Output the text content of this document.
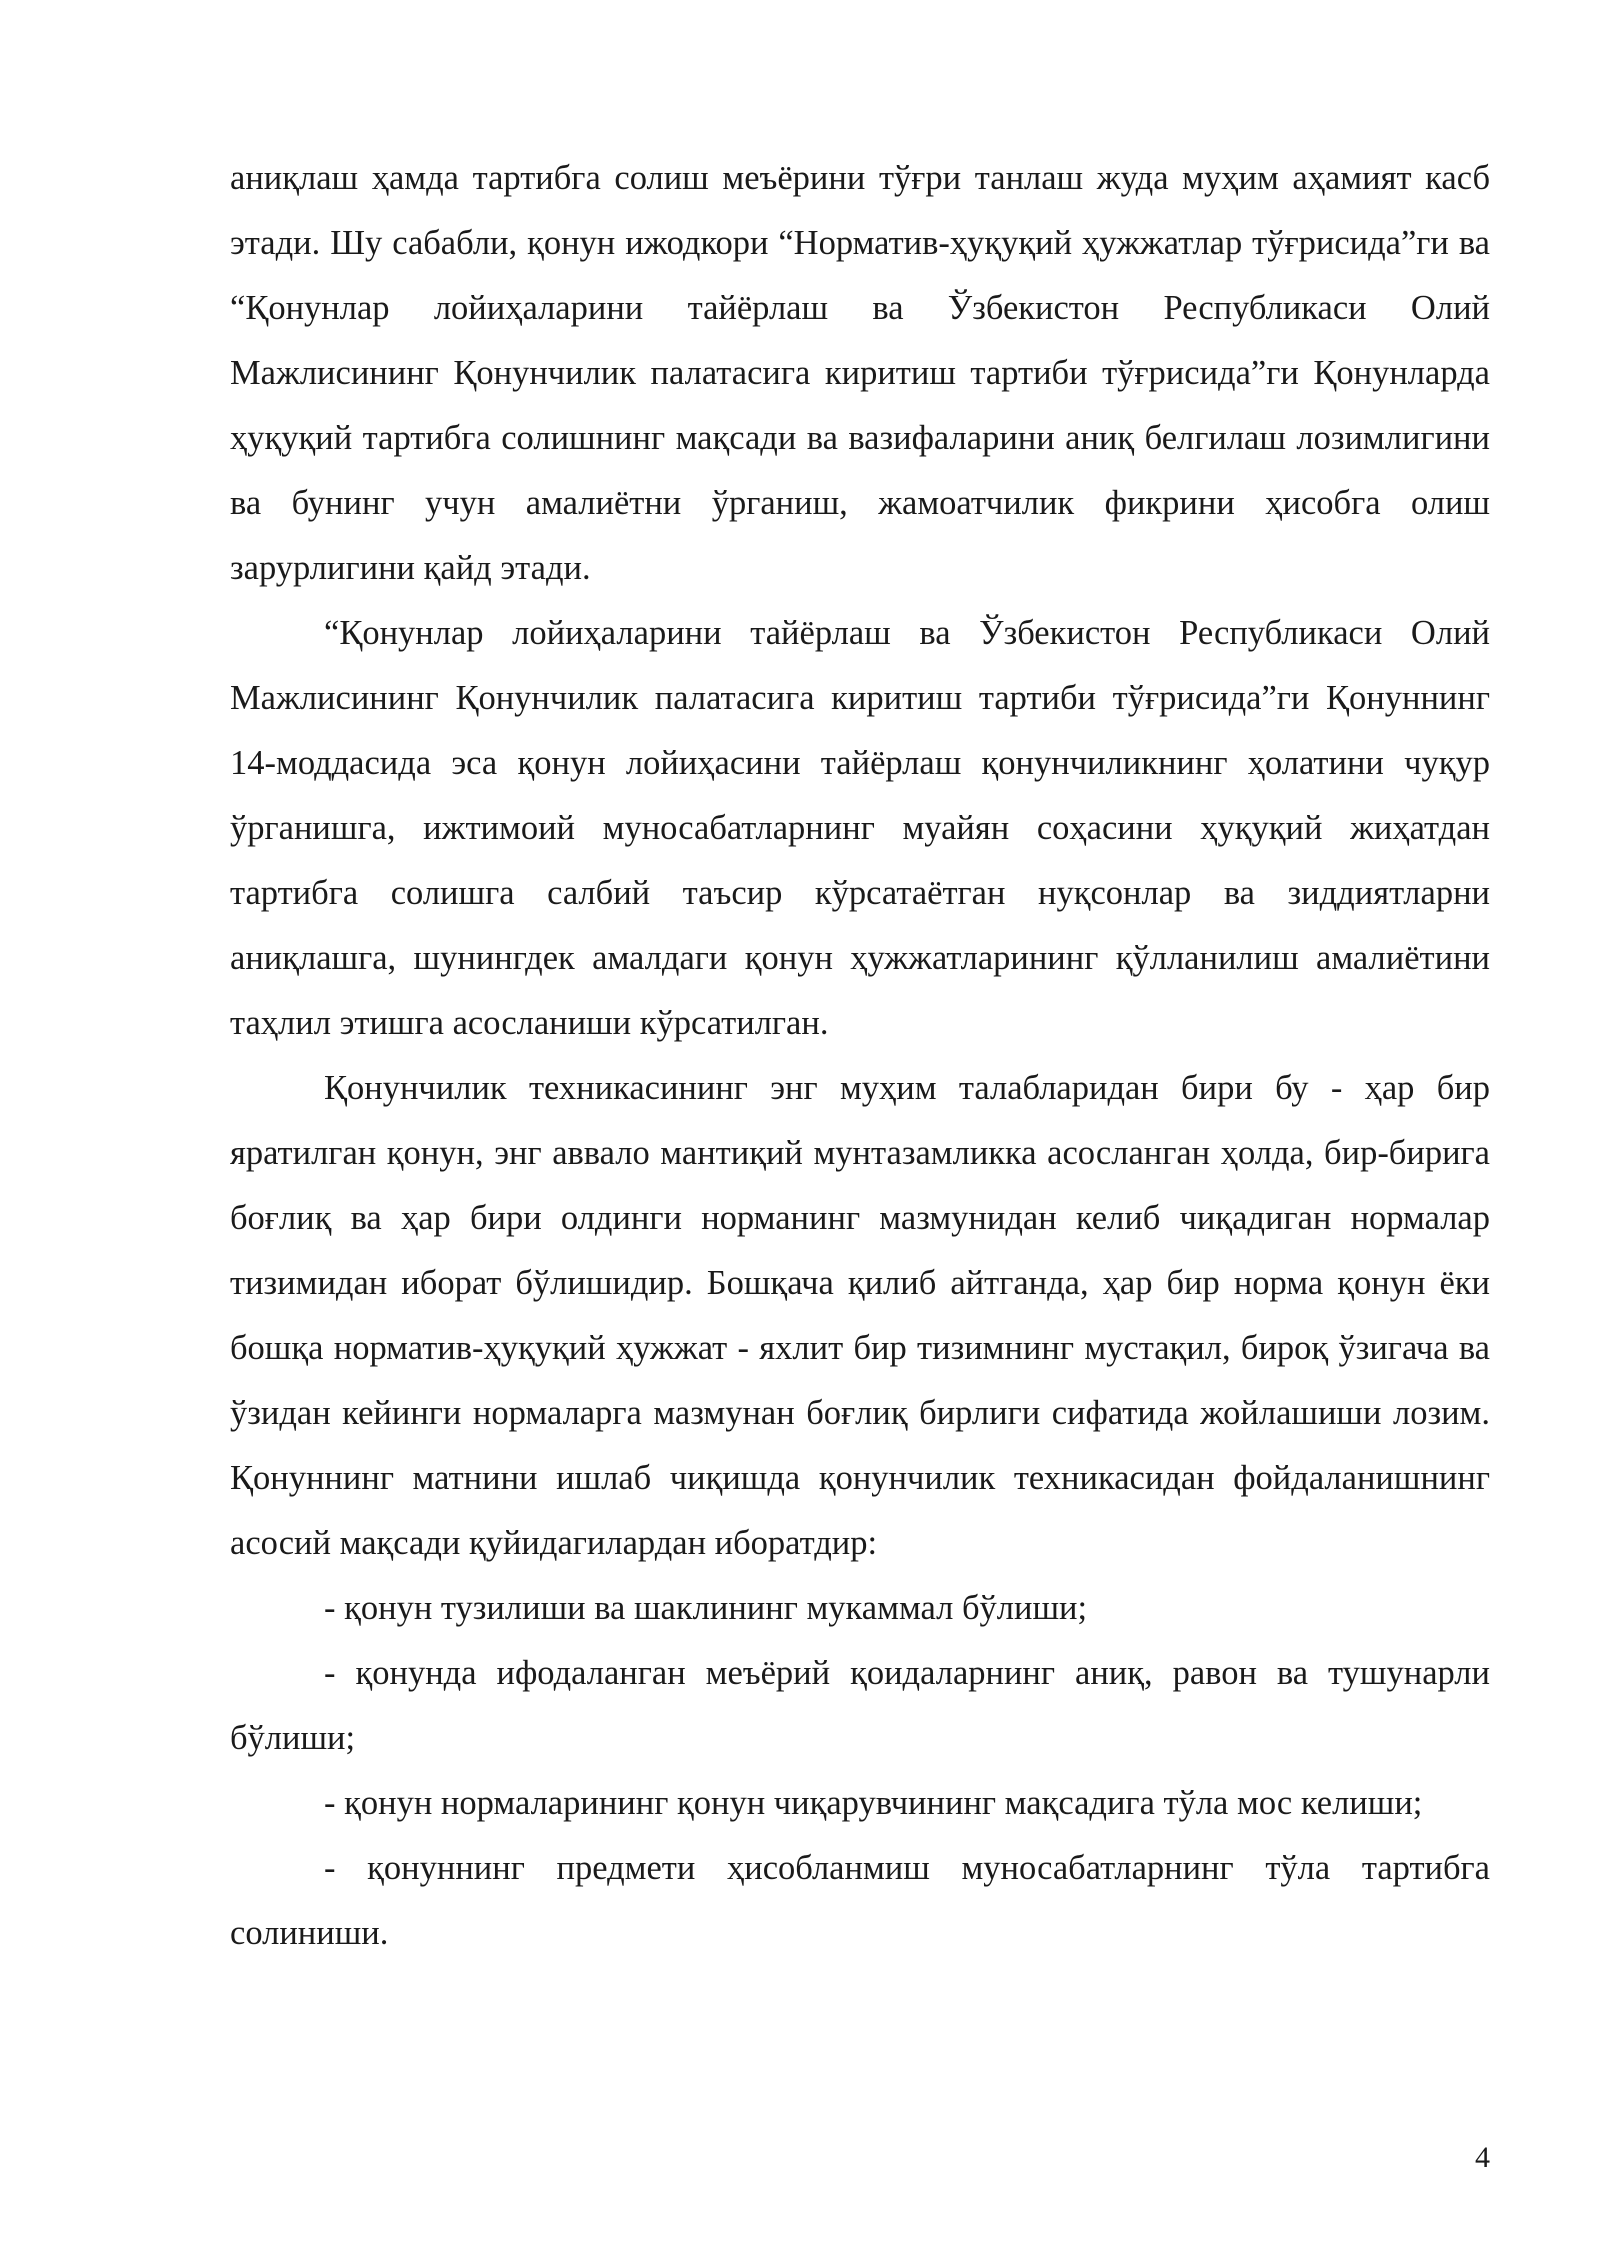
аниқлаш ҳамда тартибга солиш меъёрини тўғри танлаш жуда муҳим аҳамият касб этади. Шу сабабли, қонун ижодкори “Норматив-ҳуқуқий ҳужжатлар тўғрисида”ги ва “Қонунлар лойиҳаларини тайёрлаш ва Ўзбекистон Республикаси Олий Мажлисининг Қонунчилик палатасига киритиш тартиби тўғрисида”ги Қонунларда ҳуқуқий тартибга солишнинг мақсади ва вазифаларини аниқ белгилаш лозимлигини ва бунинг учун амалиётни ўрганиш, жамоатчилик фикрини ҳисобга олиш зарурлигини қайд этади.

“Қонунлар лойиҳаларини тайёрлаш ва Ўзбекистон Республикаси Олий Мажлисининг Қонунчилик палатасига киритиш тартиби тўғрисида”ги Қонуннинг 14-моддасида эса қонун лойиҳасини тайёрлаш қонунчиликнинг ҳолатини чуқур ўрганишга, ижтимоий муносабатларнинг муайян соҳасини ҳуқуқий жиҳатдан тартибга солишга салбий таъсир кўрсатаётган нуқсонлар ва зиддиятларни аниқлашга, шунингдек амалдаги қонун ҳужжатларининг қўлланилиш амалиётини таҳлил этишга асосланиши кўрсатилган.

Қонунчилик техникасининг энг муҳим талабларидан бири бу - ҳар бир яратилган қонун, энг аввало мантиқий мунтазамликка асосланган ҳолда, бир-бирига боғлиқ ва ҳар бири олдинги норманинг мазмунидан келиб чиқадиган нормалар тизимидан иборат бўлишидир. Бошқача қилиб айтганда, ҳар бир норма қонун ёки бошқа норматив-ҳуқуқий ҳужжат - яхлит бир тизимнинг мустақил, бироқ ўзигача ва ўзидан кейинги нормаларга мазмунан боғлиқ бирлиги сифатида жойлашиши лозим. Қонуннинг матнини ишлаб чиқишда қонунчилик техникасидан фойдаланишнинг асосий мақсади қуйидагилардан иборатдир:

- қонун тузилиши ва шаклининг мукаммал бўлиши;

- қонунда ифодаланган меъёрий қоидаларнинг аниқ, равон ва тушунарли бўлиши;

- қонун нормаларининг қонун чиқарувчининг мақсадига тўла мос келиши;

- қонуннинг предмети ҳисобланмиш муносабатларнинг тўла тартибга солиниши.

4
